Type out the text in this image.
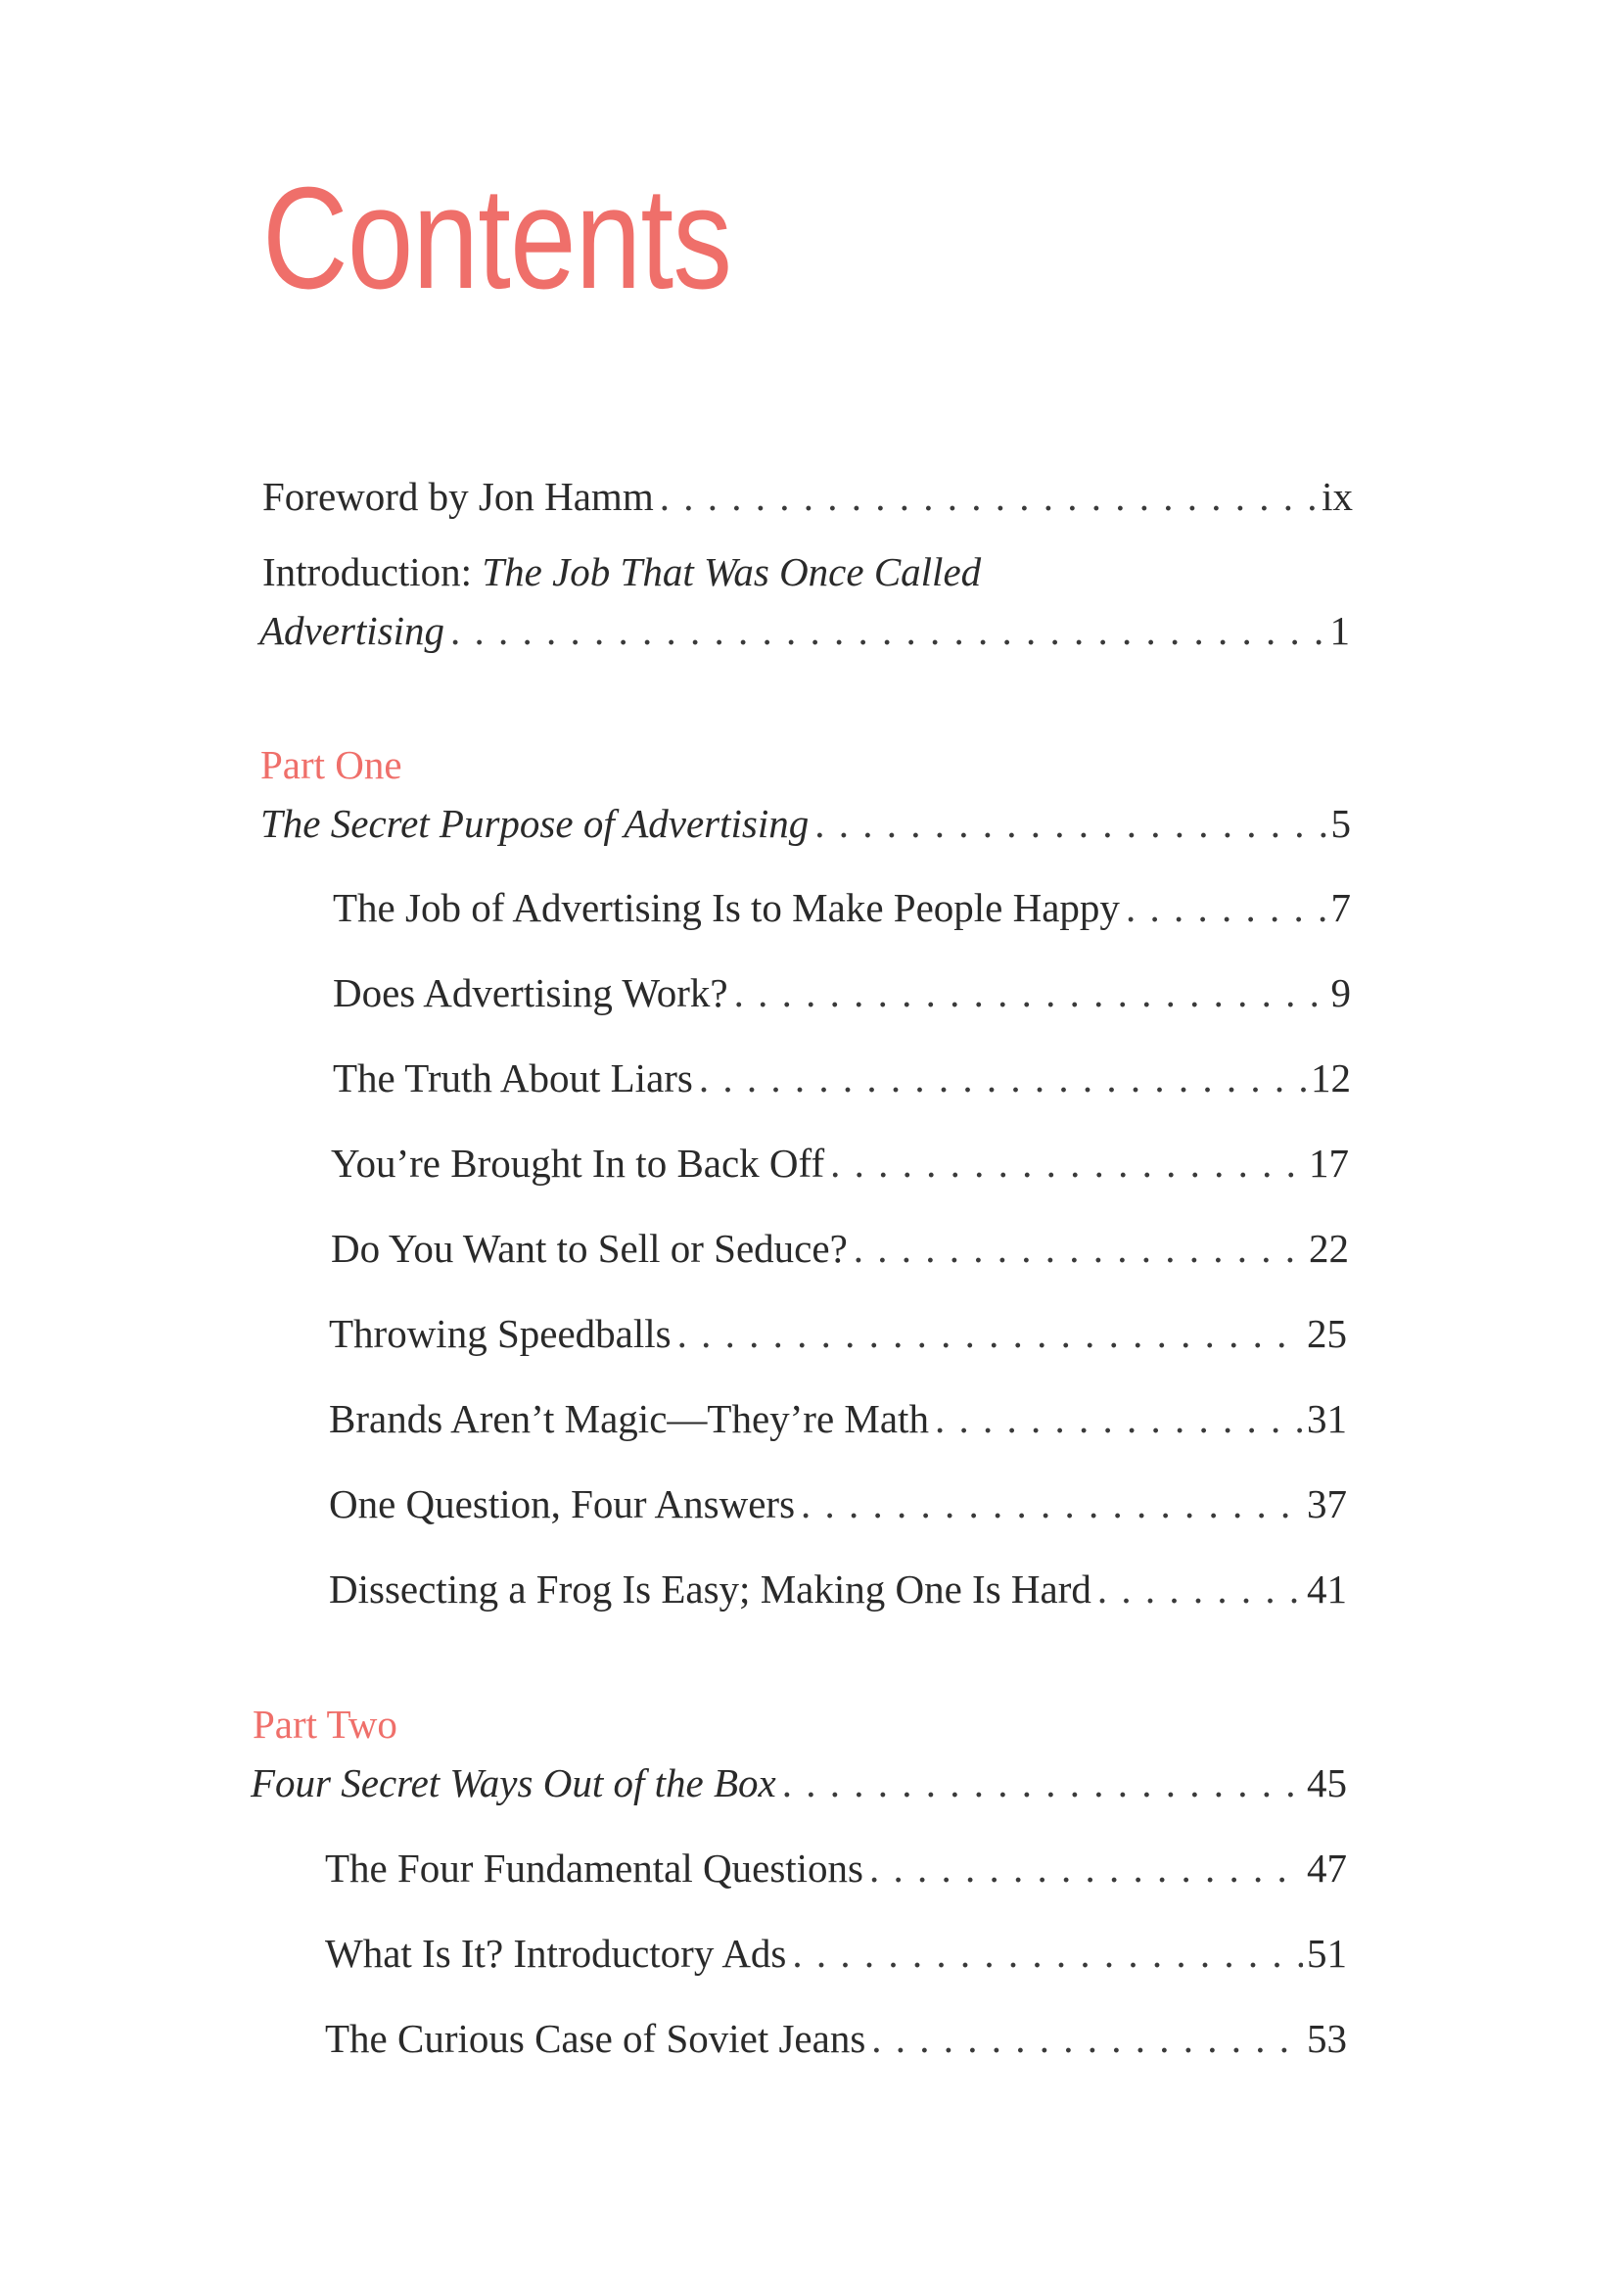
Contents
Foreword by Jon Hamm . . .	ix
Introduction: The Job That Was Once Called
Advertising . . .	1
Part One
The Secret Purpose of Advertising . . .	5
The Job of Advertising Is to Make People Happy . . .	7
Does Advertising Work? . . .	9
The Truth About Liars . . .	12
You’re Brought In to Back Off . . .	17
Do You Want to Sell or Seduce? . . .	22
Throwing Speedballs . . .	25
Brands Aren’t Magic—They’re Math . . .	31
One Question, Four Answers . . .	37
Dissecting a Frog Is Easy; Making One Is Hard . . .	41
Part Two
Four Secret Ways Out of the Box . . .	45
The Four Fundamental Questions . . .	47
What Is It? Introductory Ads . . .	51
The Curious Case of Soviet Jeans . . .	53
